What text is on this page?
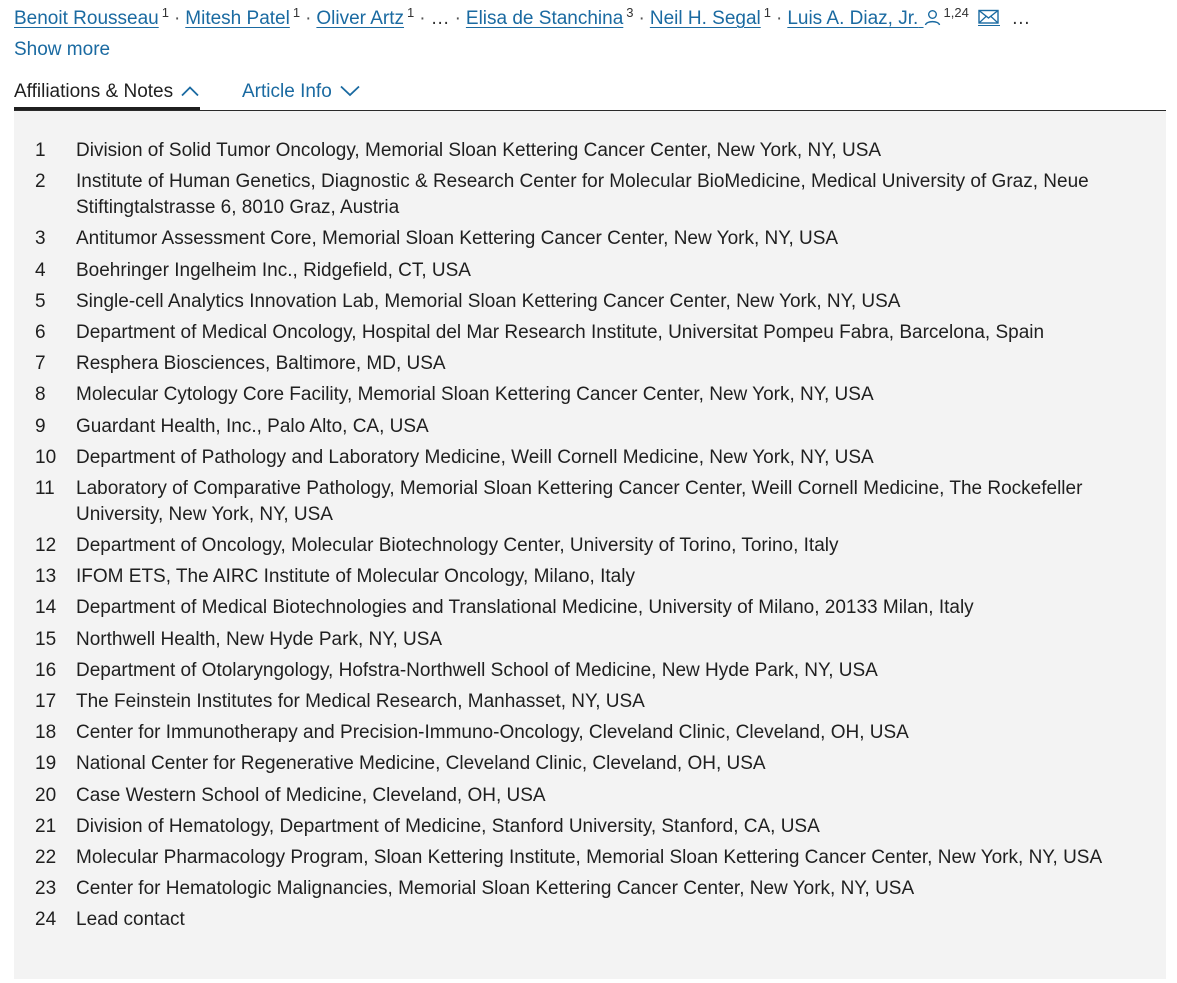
Benoit Rousseau $^1$ · Mitesh Patel $^1$ · Oliver Artz $^1$ · … · Elisa de Stanchina $^3$ · Neil H. Segal $^1$ · Luis A. Diaz, Jr. $^{1,24}$ …
Show more
Affiliations & Notes	Article Info
1	Division of Solid Tumor Oncology, Memorial Sloan Kettering Cancer Center, New York, NY, USA
2	Institute of Human Genetics, Diagnostic & Research Center for Molecular BioMedicine, Medical University of Graz, Neue Stiftingtalstrasse 6, 8010 Graz, Austria
3	Antitumor Assessment Core, Memorial Sloan Kettering Cancer Center, New York, NY, USA
4	Boehringer Ingelheim Inc., Ridgefield, CT, USA
5	Single-cell Analytics Innovation Lab, Memorial Sloan Kettering Cancer Center, New York, NY, USA
6	Department of Medical Oncology, Hospital del Mar Research Institute, Universitat Pompeu Fabra, Barcelona, Spain
7	Resphera Biosciences, Baltimore, MD, USA
8	Molecular Cytology Core Facility, Memorial Sloan Kettering Cancer Center, New York, NY, USA
9	Guardant Health, Inc., Palo Alto, CA, USA
10	Department of Pathology and Laboratory Medicine, Weill Cornell Medicine, New York, NY, USA
11	Laboratory of Comparative Pathology, Memorial Sloan Kettering Cancer Center, Weill Cornell Medicine, The Rockefeller University, New York, NY, USA
12	Department of Oncology, Molecular Biotechnology Center, University of Torino, Torino, Italy
13	IFOM ETS, The AIRC Institute of Molecular Oncology, Milano, Italy
14	Department of Medical Biotechnologies and Translational Medicine, University of Milano, 20133 Milan, Italy
15	Northwell Health, New Hyde Park, NY, USA
16	Department of Otolaryngology, Hofstra-Northwell School of Medicine, New Hyde Park, NY, USA
17	The Feinstein Institutes for Medical Research, Manhasset, NY, USA
18	Center for Immunotherapy and Precision-Immuno-Oncology, Cleveland Clinic, Cleveland, OH, USA
19	National Center for Regenerative Medicine, Cleveland Clinic, Cleveland, OH, USA
20	Case Western School of Medicine, Cleveland, OH, USA
21	Division of Hematology, Department of Medicine, Stanford University, Stanford, CA, USA
22	Molecular Pharmacology Program, Sloan Kettering Institute, Memorial Sloan Kettering Cancer Center, New York, NY, USA
23	Center for Hematologic Malignancies, Memorial Sloan Kettering Cancer Center, New York, NY, USA
24	Lead contact
